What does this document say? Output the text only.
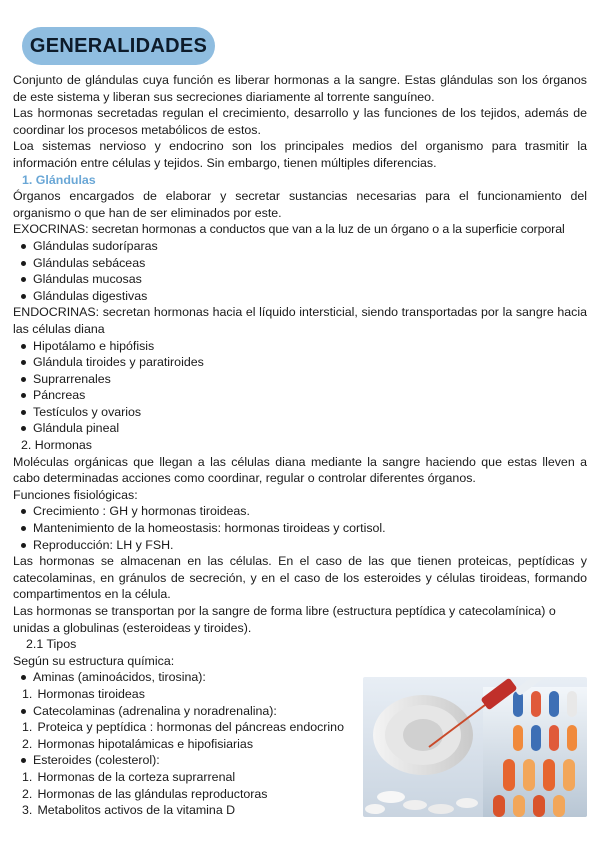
GENERALIDADES

Conjunto de glándulas cuya función es liberar hormonas a la sangre. Estas glándulas son los órganos de este sistema y liberan sus secreciones diariamente al torrente sanguíneo.

Las hormonas secretadas regulan el crecimiento, desarrollo y las funciones de los tejidos, además de coordinar los procesos metabólicos de estos.

Loa sistemas nervioso y endocrino son los principales medios del organismo para trasmitir la información entre células y tejidos. Sin embargo, tienen múltiples diferencias.

1. Glándulas

Órganos encargados de elaborar y secretar sustancias necesarias para el funcionamiento del organismo o que han de ser eliminados por este.

EXOCRINAS: secretan hormonas a conductos que van a la luz de un órgano o a la superficie corporal

Glándulas sudoríparas
Glándulas sebáceas
Glándulas mucosas
Glándulas digestivas

ENDOCRINAS: secretan hormonas hacia el líquido intersticial, siendo transportadas por la sangre hacia las células diana

Hipotálamo e hipófisis
Glándula tiroides y paratiroides
Suprarrenales
Páncreas
Testículos y ovarios
Glándula pineal

2. Hormonas

Moléculas orgánicas que llegan a las células diana mediante la sangre haciendo que estas lleven a cabo determinadas acciones como coordinar, regular o controlar diferentes órganos.

Funciones fisiológicas:

Crecimiento : GH y hormonas tiroideas.
Mantenimiento de la homeostasis: hormonas tiroideas y cortisol.
Reproducción: LH y FSH.

Las hormonas se almacenan en las células. En el caso de las que tienen proteicas, peptídicas y catecolaminas, en gránulos de secreción, y en el caso de los esteroides y células tiroideas, formando compartimentos en la célula.

Las hormonas se transportan por la sangre de forma libre (estructura peptídica y catecolamínica) o unidas a globulinas (esteroideas y tiroides).

2.1 Tipos

Según su estructura química:

Aminas (aminoácidos, tirosina):

1. Hormonas tiroideas

Catecolaminas (adrenalina y noradrenalina):

1. Proteica y peptídica : hormonas del páncreas endocrino

2. Hormonas hipotalámicas e hipofisiarias

Esteroides (colesterol):

1. Hormonas de la corteza suprarrenal

2. Hormonas de las glándulas reproductoras

3. Metabolitos activos de la vitamina D
